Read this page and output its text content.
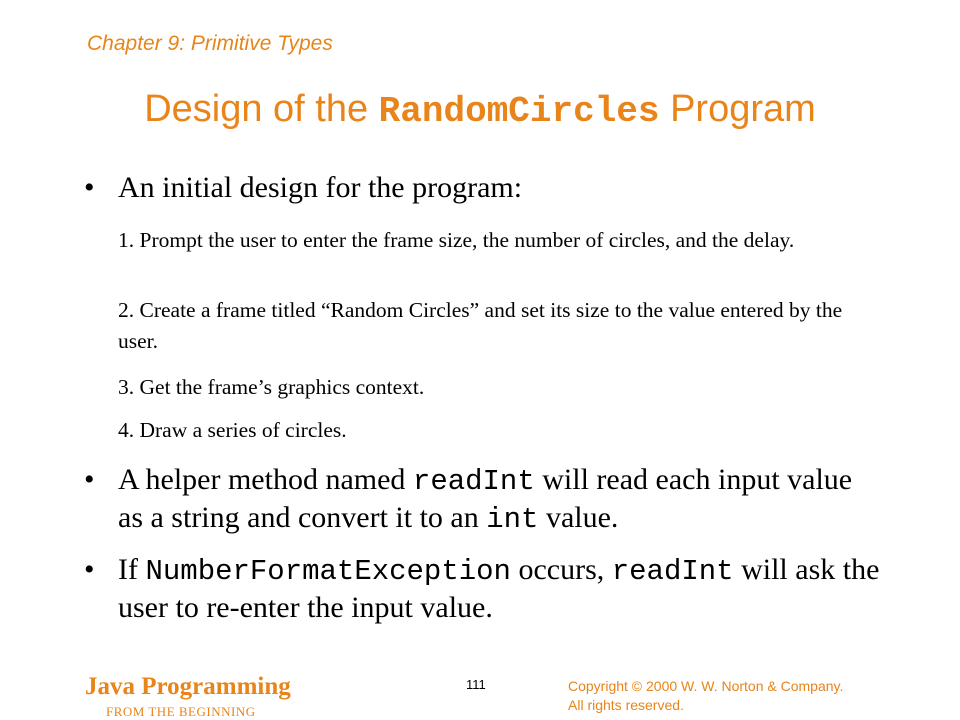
Chapter 9: Primitive Types
Design of the RandomCircles Program
• An initial design for the program:
1. Prompt the user to enter the frame size, the number of circles, and the delay.
2. Create a frame titled “Random Circles” and set its size to the value entered by the user.
3. Get the frame’s graphics context.
4. Draw a series of circles.
• A helper method named readInt will read each input value as a string and convert it to an int value.
• If NumberFormatException occurs, readInt will ask the user to re-enter the input value.
Java Programming
FROM THE BEGINNING
111	Copyright © 2000 W. W. Norton & Company.
All rights reserved.
